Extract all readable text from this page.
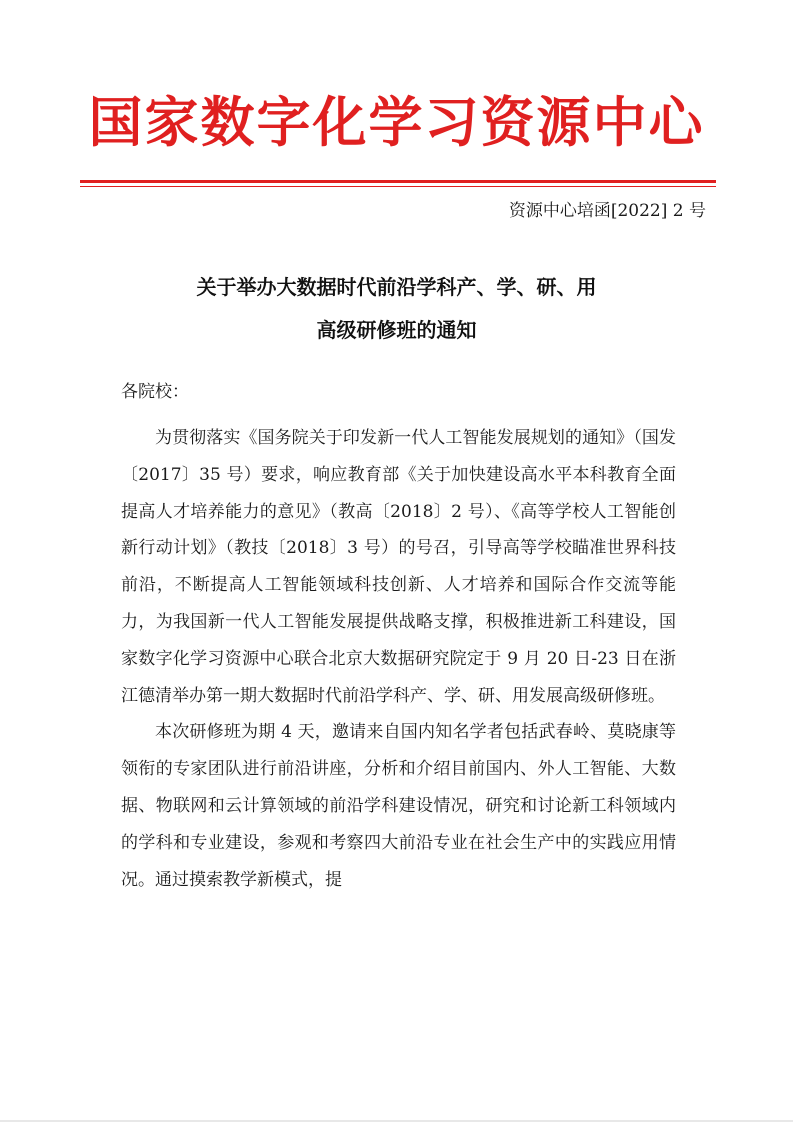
国家数字化学习资源中心
资源中心培函[2022] 2 号
关于举办大数据时代前沿学科产、学、研、用
高级研修班的通知
各院校：

为贯彻落实《国务院关于印发新一代人工智能发展规划的通知》（国发〔2017〕35 号）要求，响应教育部《关于加快建设高水平本科教育全面提高人才培养能力的意见》（教高〔2018〕2 号）、《高等学校人工智能创新行动计划》（教技〔2018〕3 号）的号召，引导高等学校瞄准世界科技前沿，不断提高人工智能领域科技创新、人才培养和国际合作交流等能力，为我国新一代人工智能发展提供战略支撑，积极推进新工科建设，国家数字化学习资源中心联合北京大数据研究院定于 9 月 20 日-23 日在浙江德清举办第一期大数据时代前沿学科产、学、研、用发展高级研修班。

本次研修班为期 4 天，邀请来自国内知名学者包括武春岭、莫晓康等领衔的专家团队进行前沿讲座，分析和介绍目前国内、外人工智能、大数据、物联网和云计算领域的前沿学科建设情况，研究和讨论新工科领域内的学科和专业建设，参观和考察四大前沿专业在社会生产中的实践应用情况。通过摸索教学新模式，提
